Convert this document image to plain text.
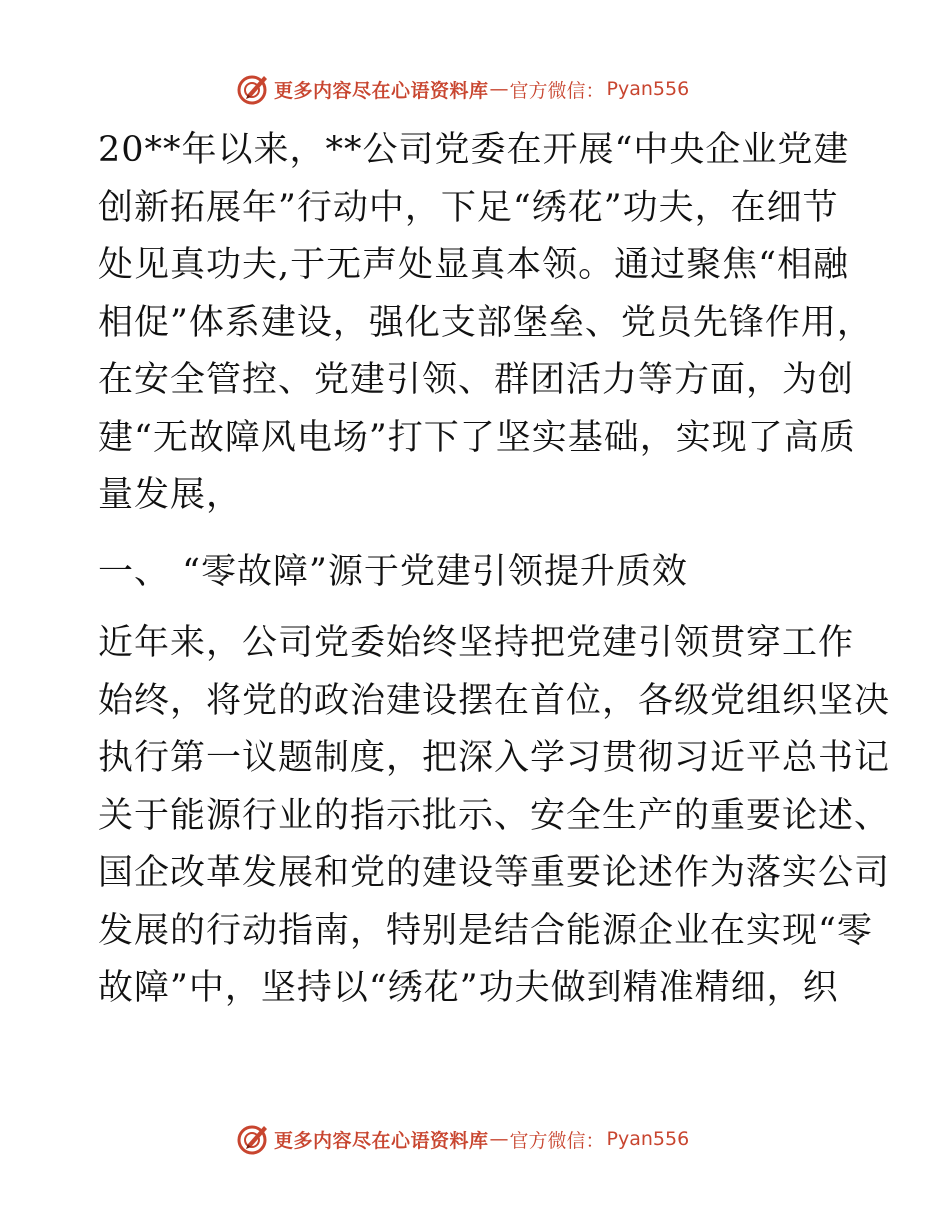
更多内容尽在心语资料库 — 官方微信： Pyan556

20**年以来，**公司党委在开展“中央企业党建
创新拓展年”行动中，下足“绣花”功夫，在细节
处见真功夫,于无声处显真本领。通过聚焦“相融
相促”体系建设，强化支部堡垒、党员先锋作用，
在安全管控、党建引领、群团活力等方面，为创
建“无故障风电场”打下了坚实基础，实现了高质
量发展，

一、 “零故障”源于党建引领提升质效

近年来，公司党委始终坚持把党建引领贯穿工作
始终，将党的政治建设摆在首位，各级党组织坚决
执行第一议题制度，把深入学习贯彻习近平总书记
关于能源行业的指示批示、安全生产的重要论述、
国企改革发展和党的建设等重要论述作为落实公司
发展的行动指南，特别是结合能源企业在实现“零
故障”中，坚持以“绣花”功夫做到精准精细，织

更多内容尽在心语资料库 — 官方微信： Pyan556
